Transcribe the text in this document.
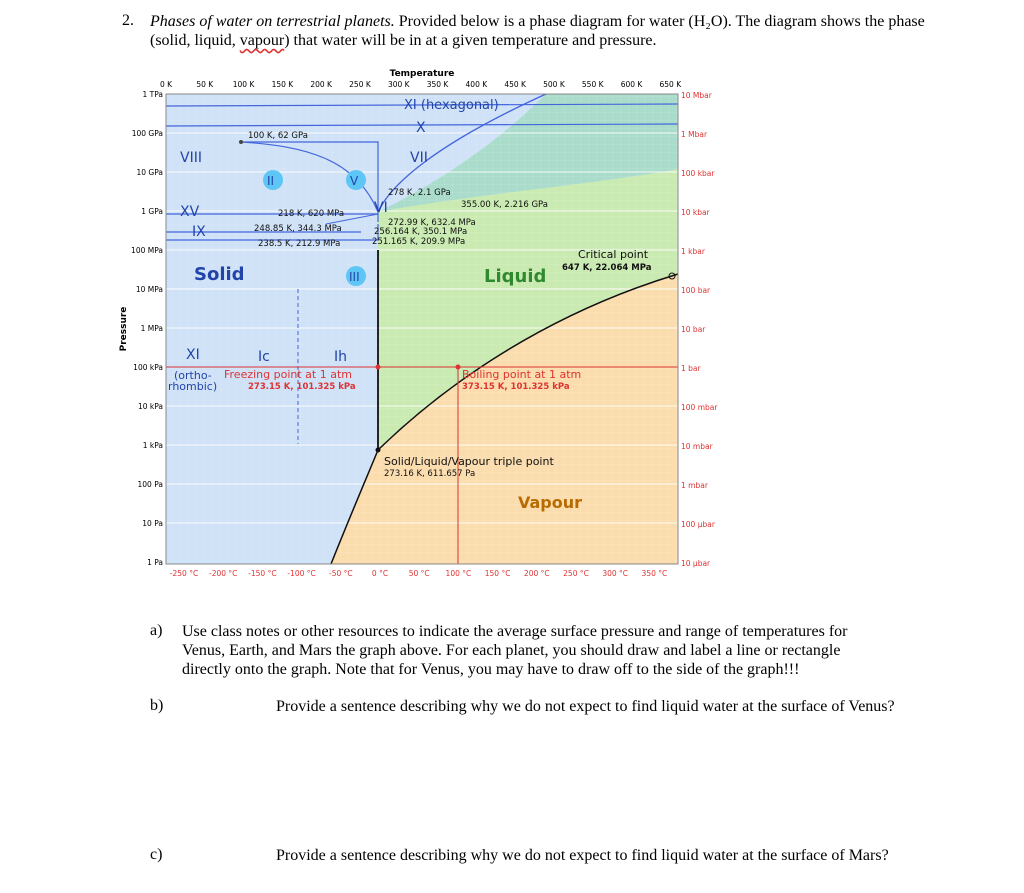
2. Phases of water on terrestrial planets. Provided below is a phase diagram for water (H₂O). The diagram shows the phase (solid, liquid, vapour) that water will be in at a given temperature and pressure.
XI (hexagonal)
X
VII
VIII
II	V
VI
XV
IX
III
XI
(ortho-
rhombic)
Ic	Ih
Solid	Liquid
Vapour
100 K, 62 GPa
278 K, 2.1 GPa
355.00 K, 2.216 GPa
218 K, 620 MPa
272.99 K, 632.4 MPa
248.85 K, 344.3 MPa	256.164 K, 350.1 MPa
238.5 K, 212.9 MPa	251.165 K, 209.9 MPa
Critical point
647 K, 22.064 MPa
Freezing point at 1 atm
273.15 K, 101.325 kPa
Boiling point at 1 atm
373.15 K, 101.325 kPa
Solid/Liquid/Vapour triple point
273.16 K, 611.657 Pa
Temperature
Pressure
0 K	50 K	100 K 150 K 200 K 250 K 300 K 350 K 400 K 450 K 500 K 550 K 600 K 650 K
-250 °C -200 °C -150 °C -100 °C -50 °C	0 °C	50 °C 100 °C 150 °C 200 °C 250 °C 300 °C 350 °C
1 TPa
100 GPa
10 GPa
1 GPa
100 MPa
10 MPa
1 MPa
100 kPa
10 kPa
1 kPa
100 Pa
10 Pa
1 Pa
10 Mbar
1 Mbar
100 kbar
10 kbar
1 kbar
100 bar
10 bar
1 bar
100 mbar
10 mbar
1 mbar
100 µbar
10 µbar
a) Use class notes or other resources to indicate the average surface pressure and range of temperatures for Venus, Earth, and Mars the graph above. For each planet, you should draw and label a line or rectangle directly onto the graph. Note that for Venus, you may have to draw off to the side of the graph!!!
b)	Provide a sentence describing why we do not expect to find liquid water at the surface of Venus?
c)	Provide a sentence describing why we do not expect to find liquid water at the surface of Mars?
